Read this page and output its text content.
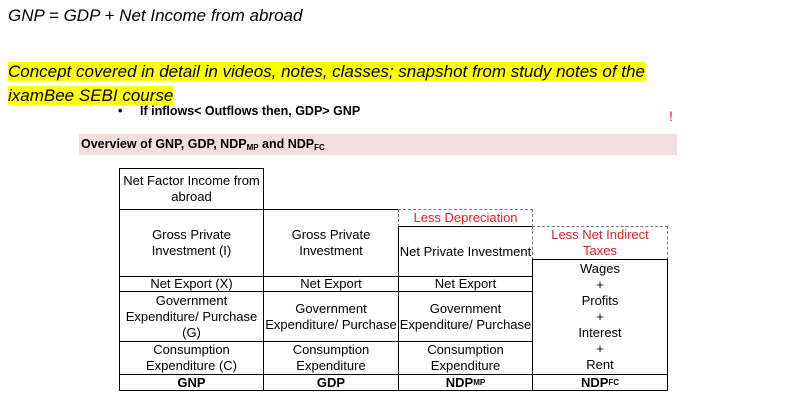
GNP = GDP + Net Income from abroad
Concept covered in detail in videos, notes, classes; snapshot from study notes of the
ixamBee SEBI course
• If inflows< Outflows then, GDP> GNP	!
Overview of GNP, GDP, $NDP_{MP}$ and $NDP_{FC}$
Net Factor Income from abroad
Gross Private Investment (I)
Net Export (X)
Government Expenditure/ Purchase (G)
Consumption Expenditure (C)
GNP
Gross Private Investment
Net Export
Government Expenditure/ Purchase
Consumption Expenditure
GDP
Less Depreciation
Net Private Investment
Net Export
Government Expenditure/ Purchase
Consumption Expenditure
NDP MP
Less Net Indirect Taxes
Wages
+
Profits
+
Interest
+
Rent
NDP FC
